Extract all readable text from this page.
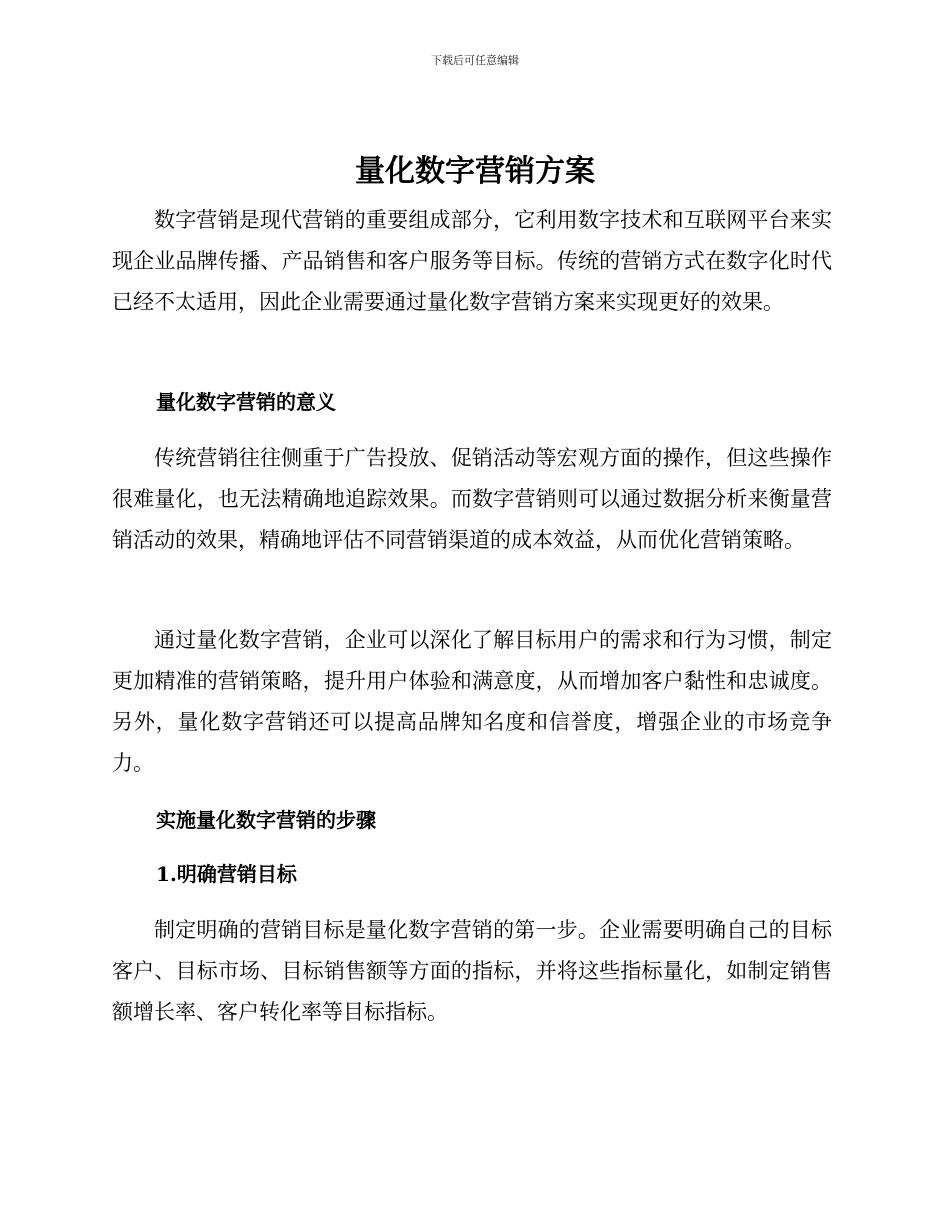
下载后可任意编辑
量化数字营销方案

数字营销是现代营销的重要组成部分，它利用数字技术和互联网平台来实现企业品牌传播、产品销售和客户服务等目标。传统的营销方式在数字化时代已经不太适用，因此企业需要通过量化数字营销方案来实现更好的效果。

量化数字营销的意义

传统营销往往侧重于广告投放、促销活动等宏观方面的操作，但这些操作很难量化，也无法精确地追踪效果。而数字营销则可以通过数据分析来衡量营销活动的效果，精确地评估不同营销渠道的成本效益，从而优化营销策略。

通过量化数字营销，企业可以深化了解目标用户的需求和行为习惯，制定更加精准的营销策略，提升用户体验和满意度，从而增加客户黏性和忠诚度。另外，量化数字营销还可以提高品牌知名度和信誉度，增强企业的市场竞争力。

实施量化数字营销的步骤
1.明确营销目标

制定明确的营销目标是量化数字营销的第一步。企业需要明确自己的目标客户、目标市场、目标销售额等方面的指标，并将这些指标量化，如制定销售额增长率、客户转化率等目标指标。
